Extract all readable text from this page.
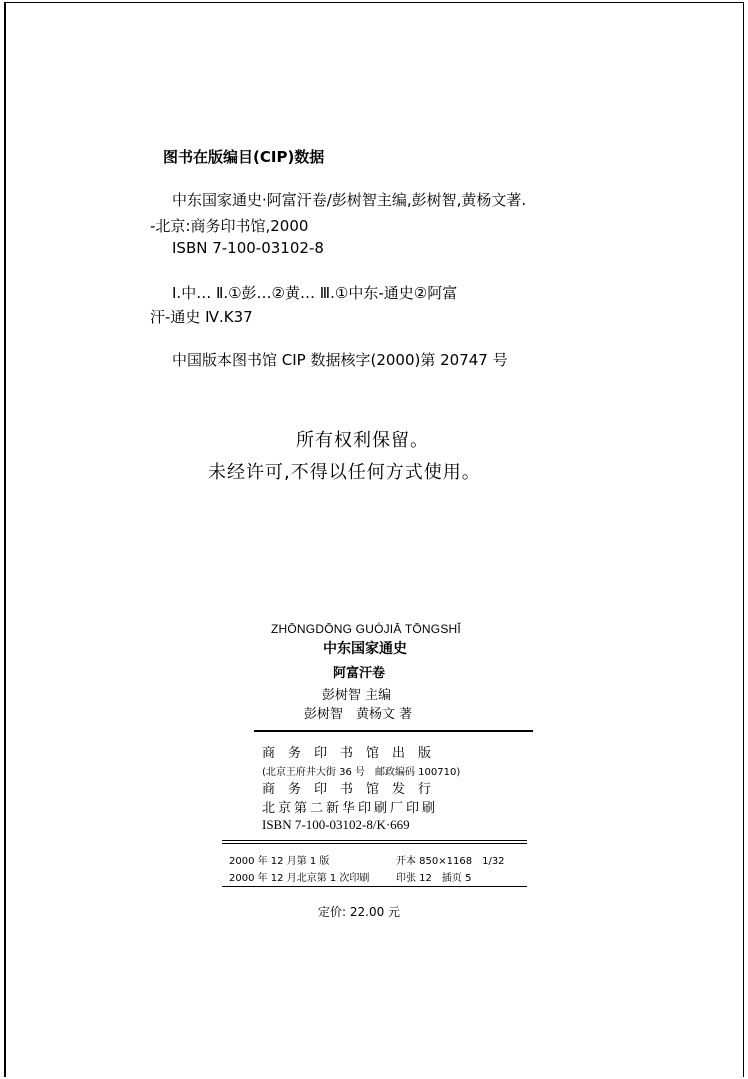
图书在版编目(CIP)数据
中东国家通史·阿富汗卷/彭树智主编,彭树智,黄杨文著.
-北京:商务印书馆,2000
ISBN 7-100-03102-8
Ⅰ.中… Ⅱ.①彭…②黄… Ⅲ.①中东-通史②阿富
汗-通史 Ⅳ.K37
中国版本图书馆 CIP 数据核字(2000)第 20747 号
所有权利保留。
未经许可,不得以任何方式使用。
ZHŌNGDŌNG GUÓJIĀ TŌNGSHǏ
中东国家通史
阿富汗卷
彭树智 主编
彭树智　黄杨文 著
商务印书馆出版
(北京王府井大街 36 号　邮政编码 100710)
商务印书馆发行
北京第二新华印刷厂印刷
ISBN 7-100-03102-8/K·669
2000 年 12 月第 1 版	开本 850×1168　1/32
2000 年 12 月北京第 1 次印刷	印张 12　插页 5
定价: 22.00 元
